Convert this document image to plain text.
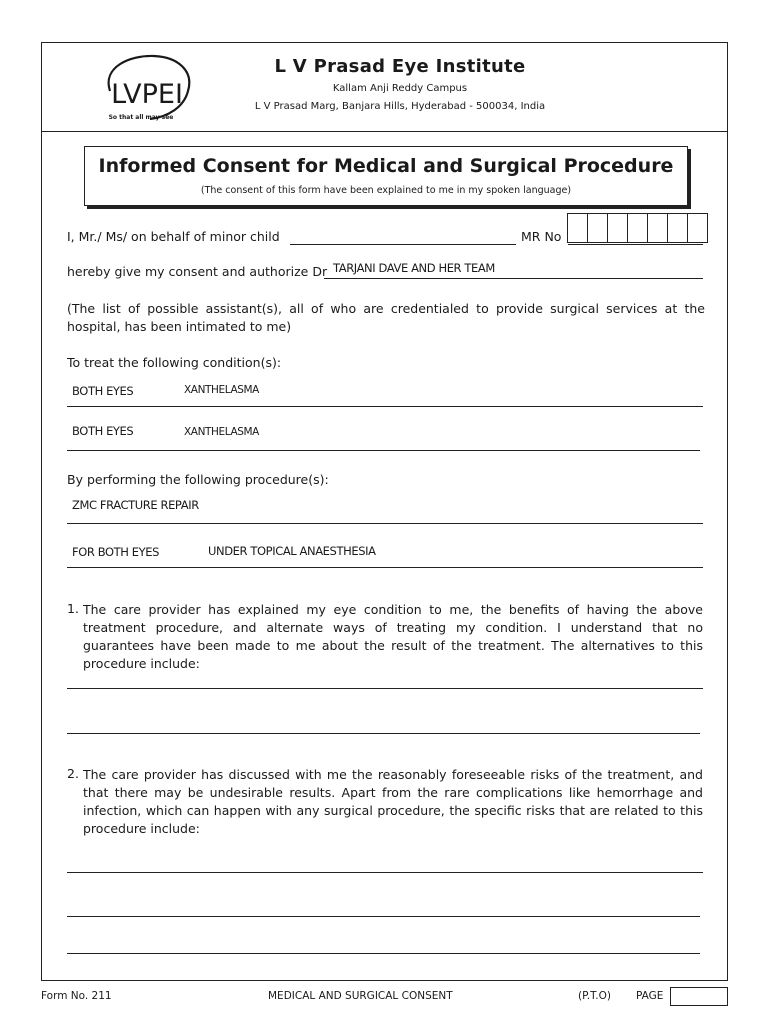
LVPEI
So that all may see
L V Prasad Eye Institute
Kallam Anji Reddy Campus
L V Prasad Marg, Banjara Hills, Hyderabad - 500034, India
Informed Consent for Medical and Surgical Procedure
(The consent of this form have been explained to me in my spoken language)
I, Mr./ Ms/ on behalf of minor child	MR No
hereby give my consent and authorize Dr TARJANI DAVE AND HER TEAM
(The list of possible assistant(s), all of who are credentialed to provide surgical services at the hospital, has been intimated to me)
To treat the following condition(s):
BOTH EYES	XANTHELASMA
BOTH EYES	XANTHELASMA
By performing the following procedure(s):
ZMC FRACTURE REPAIR
FOR BOTH EYES	UNDER TOPICAL ANAESTHESIA
1. The care provider has explained my eye condition to me, the benefits of having the above treatment procedure, and alternate ways of treating my condition. I understand that no guarantees have been made to me about the result of the treatment. The alternatives to this procedure include:
2. The care provider has discussed with me the reasonably foreseeable risks of the treatment, and that there may be undesirable results. Apart from the rare complications like hemorrhage and infection, which can happen with any surgical procedure, the specific risks that are related to this procedure include:
Form No. 211	MEDICAL AND SURGICAL CONSENT	(P.T.O) PAGE
